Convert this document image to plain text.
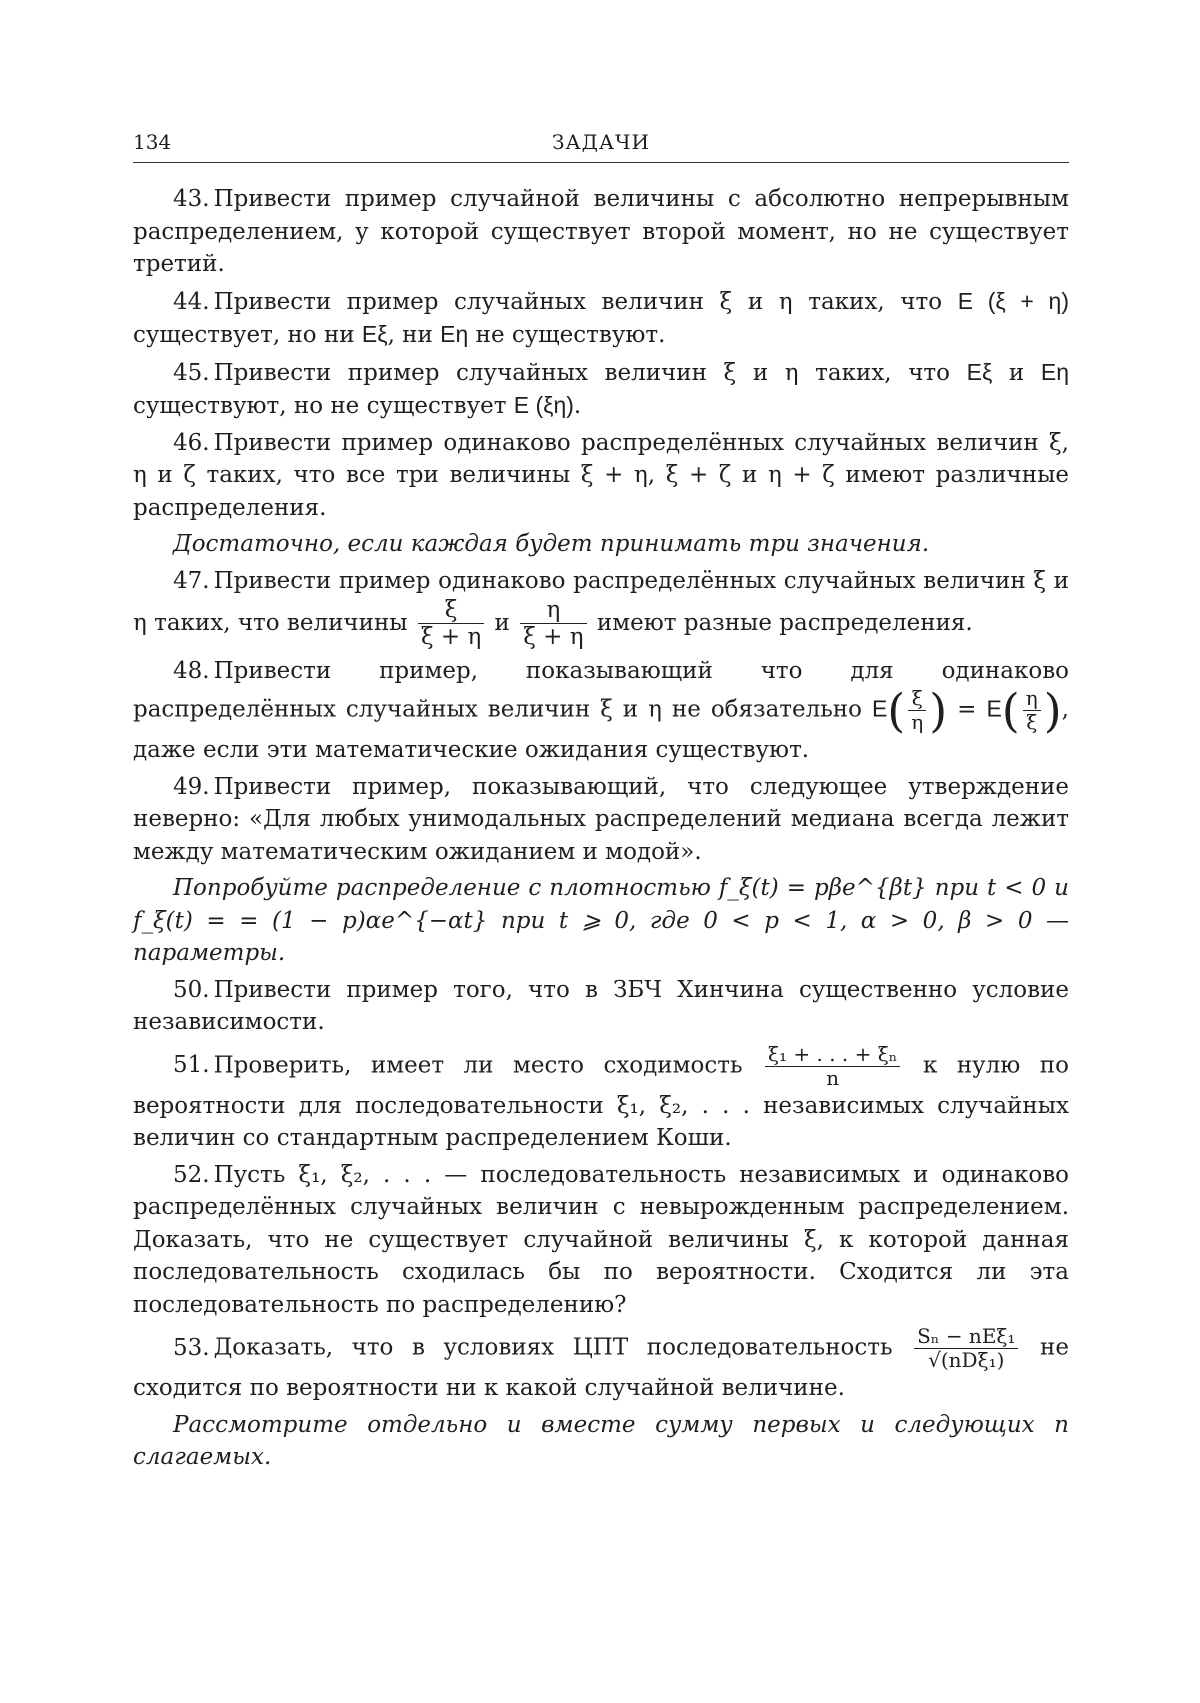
134	ЗАДАЧИ

43. Привести пример случайной величины с абсолютно непрерывным распределением, у которой существует второй момент, но не существует третий.

44. Привести пример случайных величин ξ и η таких, что E (ξ + η) существует, но ни Eξ, ни Eη не существуют.

45. Привести пример случайных величин ξ и η таких, что Eξ и Eη существуют, но не существует E (ξη).

46. Привести пример одинаково распределённых случайных величин ξ, η и ζ таких, что все три величины ξ + η, ξ + ζ и η + ζ имеют различные распределения.

Достаточно, если каждая будет принимать три значения.

47. Привести пример одинаково распределённых случайных величин ξ и η таких, что величины $\frac{\xi}{\xi + \eta}$ и $\frac{\eta}{\xi + \eta}$ имеют разные распределения.

48. Привести пример, показывающий что для одинаково распределённых случайных величин ξ и η не обязательно $E( \frac{\xi}{\eta}$ ) = $E( \frac{\eta}{\xi}$ ), даже если эти математические ожидания существуют.

49. Привести пример, показывающий, что следующее утверждение неверно: «Для любых унимодальных распределений медиана всегда лежит между математическим ожиданием и модой».

Попробуйте распределение с плотностью f_ξ(t) = pβe^{βt} при t < 0 и f_ξ(t) = = (1 − p)αe^{−αt} при t ⩾ 0, где 0 < p < 1, α > 0, β > 0 — параметры.

50. Привести пример того, что в ЗБЧ Хинчина существенно условие независимости.

51. Проверить, имеет ли место сходимость $\frac{\text{ξ₁ + . . . + ξₙ}}{n}$ к нулю по вероятности для последовательности ξ₁, ξ₂, . . . независимых случайных величин со стандартным распределением Коши.

52. Пусть ξ₁, ξ₂, . . . — последовательность независимых и одинаково распределённых случайных величин с невырожденным распределением. Доказать, что не существует случайной величины ξ, к которой данная последовательность сходилась бы по вероятности. Сходится ли эта последовательность по распределению?

53. Доказать, что в условиях ЦПТ последовательность $\frac{\text{Sₙ − nEξ₁}}{\text{√(nDξ₁)}}$ не сходится по вероятности ни к какой случайной величине.

Рассмотрите отдельно и вместе сумму первых и следующих n слагаемых.
